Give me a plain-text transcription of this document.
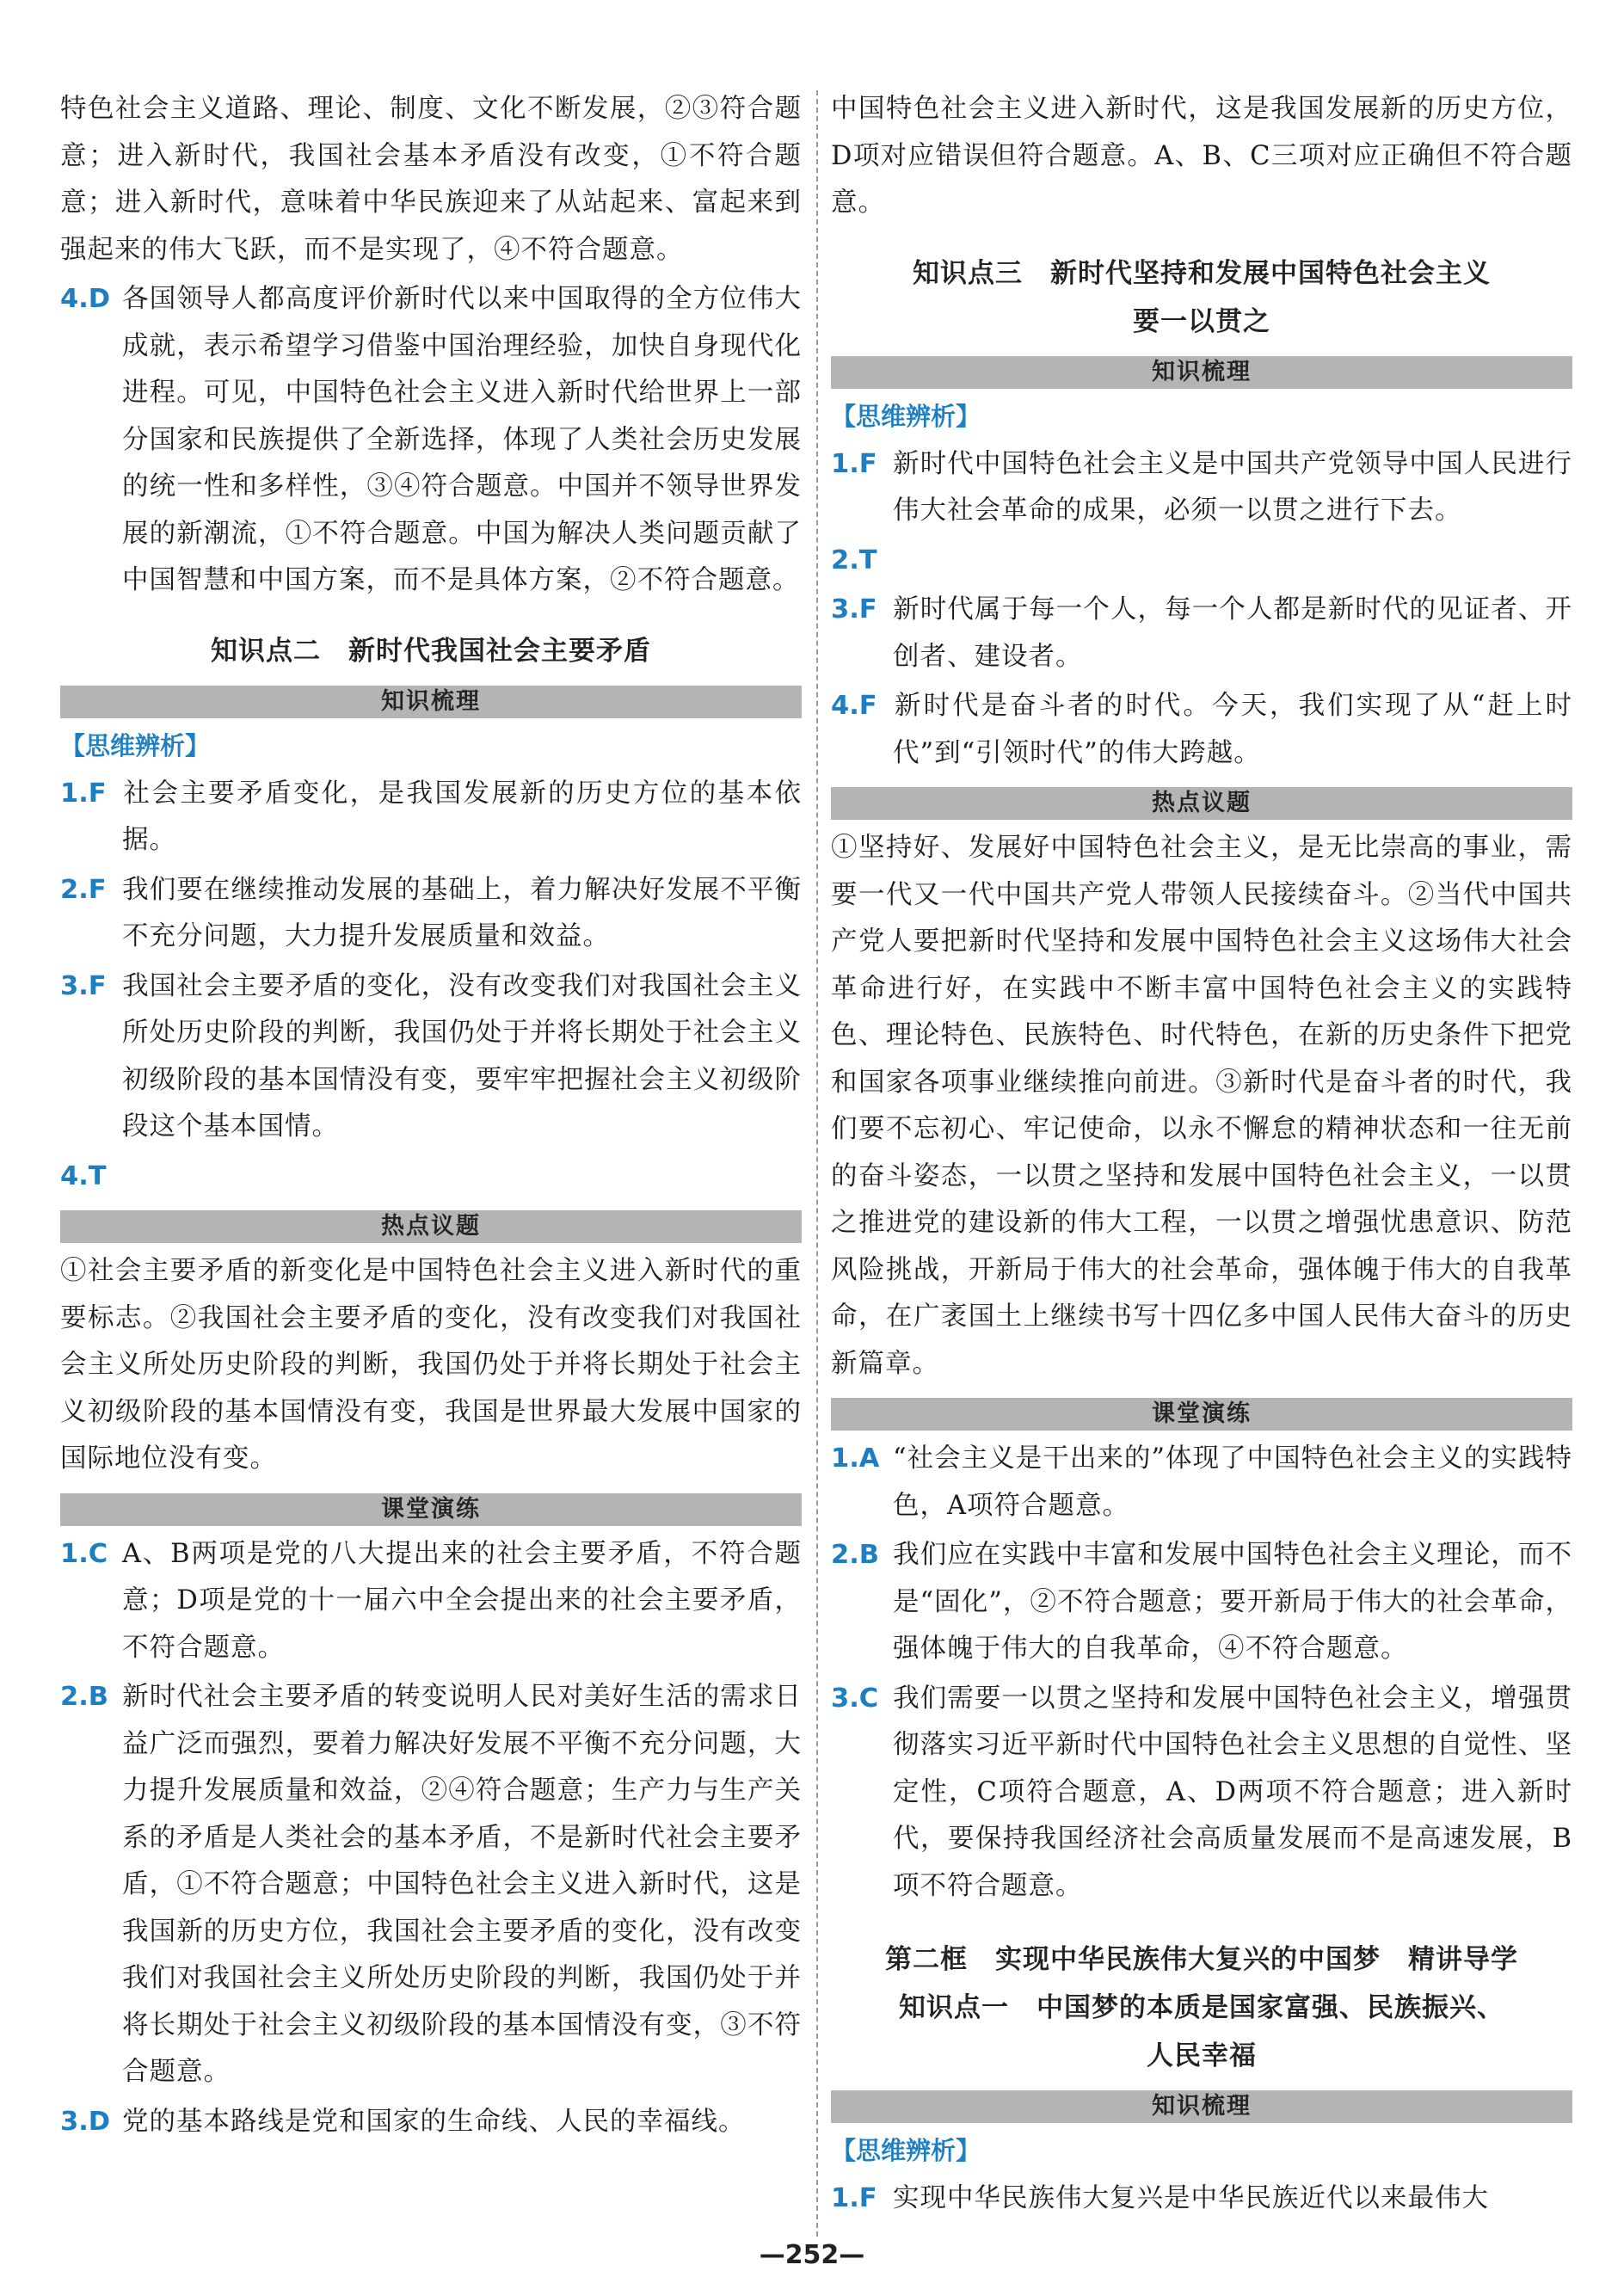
特色社会主义道路、理论、制度、文化不断发展，②③符合题意；进入新时代，我国社会基本矛盾没有改变，①不符合题意；进入新时代，意味着中华民族迎来了从站起来、富起来到强起来的伟大飞跃，而不是实现了，④不符合题意。
4.D 各国领导人都高度评价新时代以来中国取得的全方位伟大成就，表示希望学习借鉴中国治理经验，加快自身现代化进程。可见，中国特色社会主义进入新时代给世界上一部分国家和民族提供了全新选择，体现了人类社会历史发展的统一性和多样性，③④符合题意。中国并不领导世界发展的新潮流，①不符合题意。中国为解决人类问题贡献了中国智慧和中国方案，而不是具体方案，②不符合题意。
知识点二　新时代我国社会主要矛盾
知识梳理
【思维辨析】
1.F 社会主要矛盾变化，是我国发展新的历史方位的基本依据。
2.F 我们要在继续推动发展的基础上，着力解决好发展不平衡不充分问题，大力提升发展质量和效益。
3.F 我国社会主要矛盾的变化，没有改变我们对我国社会主义所处历史阶段的判断，我国仍处于并将长期处于社会主义初级阶段的基本国情没有变，要牢牢把握社会主义初级阶段这个基本国情。
4.T
热点议题
①社会主要矛盾的新变化是中国特色社会主义进入新时代的重要标志。②我国社会主要矛盾的变化，没有改变我们对我国社会主义所处历史阶段的判断，我国仍处于并将长期处于社会主义初级阶段的基本国情没有变，我国是世界最大发展中国家的国际地位没有变。
课堂演练
1.C A、B两项是党的八大提出来的社会主要矛盾，不符合题意；D项是党的十一届六中全会提出来的社会主要矛盾，不符合题意。
2.B 新时代社会主要矛盾的转变说明人民对美好生活的需求日益广泛而强烈，要着力解决好发展不平衡不充分问题，大力提升发展质量和效益，②④符合题意；生产力与生产关系的矛盾是人类社会的基本矛盾，不是新时代社会主要矛盾，①不符合题意；中国特色社会主义进入新时代，这是我国新的历史方位，我国社会主要矛盾的变化，没有改变我们对我国社会主义所处历史阶段的判断，我国仍处于并将长期处于社会主义初级阶段的基本国情没有变，③不符合题意。
3.D 党的基本路线是党和国家的生命线、人民的幸福线。
中国特色社会主义进入新时代，这是我国发展新的历史方位，D项对应错误但符合题意。A、B、C三项对应正确但不符合题意。
知识点三　新时代坚持和发展中国特色社会主义
要一以贯之
知识梳理
【思维辨析】
1.F 新时代中国特色社会主义是中国共产党领导中国人民进行伟大社会革命的成果，必须一以贯之进行下去。
2.T
3.F 新时代属于每一个人，每一个人都是新时代的见证者、开创者、建设者。
4.F 新时代是奋斗者的时代。今天，我们实现了从“赶上时代”到“引领时代”的伟大跨越。
热点议题
①坚持好、发展好中国特色社会主义，是无比崇高的事业，需要一代又一代中国共产党人带领人民接续奋斗。②当代中国共产党人要把新时代坚持和发展中国特色社会主义这场伟大社会革命进行好，在实践中不断丰富中国特色社会主义的实践特色、理论特色、民族特色、时代特色，在新的历史条件下把党和国家各项事业继续推向前进。③新时代是奋斗者的时代，我们要不忘初心、牢记使命，以永不懈怠的精神状态和一往无前的奋斗姿态，一以贯之坚持和发展中国特色社会主义，一以贯之推进党的建设新的伟大工程，一以贯之增强忧患意识、防范风险挑战，开新局于伟大的社会革命，强体魄于伟大的自我革命，在广袤国土上继续书写十四亿多中国人民伟大奋斗的历史新篇章。
课堂演练
1.A “社会主义是干出来的”体现了中国特色社会主义的实践特色，A项符合题意。
2.B 我们应在实践中丰富和发展中国特色社会主义理论，而不是“固化”，②不符合题意；要开新局于伟大的社会革命，强体魄于伟大的自我革命，④不符合题意。
3.C 我们需要一以贯之坚持和发展中国特色社会主义，增强贯彻落实习近平新时代中国特色社会主义思想的自觉性、坚定性，C项符合题意，A、D两项不符合题意；进入新时代，要保持我国经济社会高质量发展而不是高速发展，B项不符合题意。
第二框　实现中华民族伟大复兴的中国梦　精讲导学
知识点一　中国梦的本质是国家富强、民族振兴、
人民幸福
知识梳理
【思维辨析】
1.F 实现中华民族伟大复兴是中华民族近代以来最伟大
—252—
